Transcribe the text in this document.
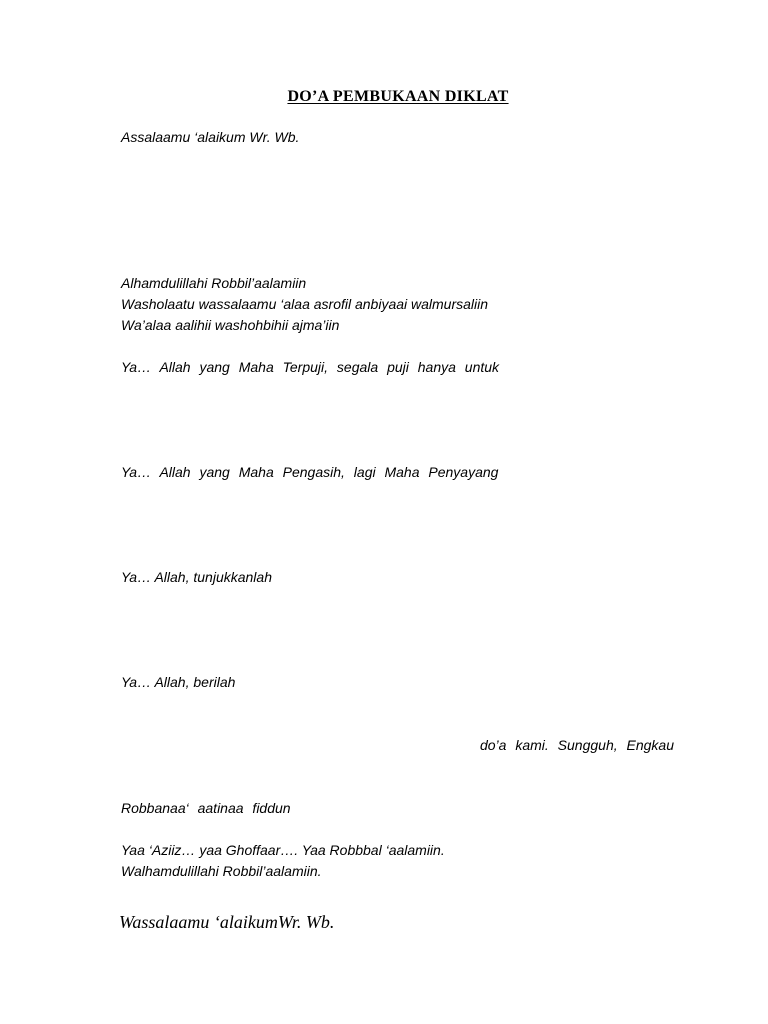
DO’A PEMBUKAAN DIKLAT
Assalaamu ‘alaikum Wr. Wb.
Alhamdulillahi Robbil’aalamiin
Washolaatu wassalaamu ‘alaa asrofil anbiyaai walmursaliin
Wa’alaa aalihii washohbihii ajma’iin
Ya… Allah yang Maha Terpuji, segala puji hanya untuk
Ya… Allah yang Maha Pengasih, lagi Maha Penyayang
Ya… Allah, tunjukkanlah
Ya… Allah, berilah
do’a kami. Sungguh, Engkau
Robbanaa‘ aatinaa fiddun
Yaa ‘Aziiz… yaa Ghoffaar…. Yaa Robbbal ‘aalamiin.
Walhamdulillahi Robbil’aalamiin.
Wassalaamu ‘alaikumWr. Wb.
